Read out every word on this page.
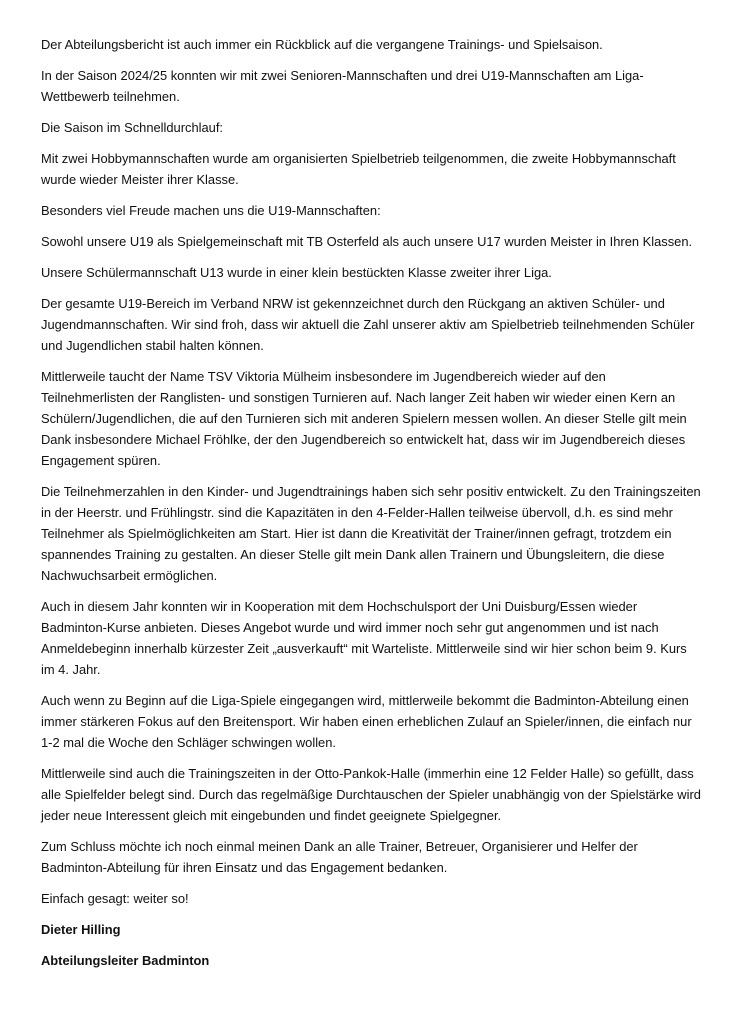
Der Abteilungsbericht ist auch immer ein Rückblick auf die vergangene Trainings- und Spielsaison.

In der Saison 2024/25 konnten wir mit zwei Senioren-Mannschaften und drei U19-Mannschaften am Liga-Wettbewerb teilnehmen.

Die Saison im Schnelldurchlauf:

Mit zwei Hobbymannschaften wurde am organisierten Spielbetrieb teilgenommen, die zweite Hobbymannschaft wurde wieder Meister ihrer Klasse.

Besonders viel Freude machen uns die U19-Mannschaften:

Sowohl unsere U19 als Spielgemeinschaft mit TB Osterfeld als auch unsere U17 wurden Meister in Ihren Klassen.

Unsere Schülermannschaft U13 wurde in einer klein bestückten Klasse zweiter ihrer Liga.

Der gesamte U19-Bereich im Verband NRW ist gekennzeichnet durch den Rückgang an aktiven Schüler- und Jugendmannschaften. Wir sind froh, dass wir aktuell die Zahl unserer aktiv am Spielbetrieb teilnehmenden Schüler und Jugendlichen stabil halten können.

Mittlerweile taucht der Name TSV Viktoria Mülheim insbesondere im Jugendbereich wieder auf den Teilnehmerlisten der Ranglisten- und sonstigen Turnieren auf. Nach langer Zeit haben wir wieder einen Kern an Schülern/Jugendlichen, die auf den Turnieren sich mit anderen Spielern messen wollen. An dieser Stelle gilt mein Dank insbesondere Michael Fröhlke, der den Jugendbereich so entwickelt hat, dass wir im Jugendbereich dieses Engagement spüren.

Die Teilnehmerzahlen in den Kinder- und Jugendtrainings haben sich sehr positiv entwickelt. Zu den Trainingszeiten in der Heerstr. und Frühlingstr. sind die Kapazitäten in den 4-Felder-Hallen teilweise übervoll, d.h. es sind mehr Teilnehmer als Spielmöglichkeiten am Start. Hier ist dann die Kreativität der Trainer/innen gefragt, trotzdem ein spannendes Training zu gestalten. An dieser Stelle gilt mein Dank allen Trainern und Übungsleitern, die diese Nachwuchsarbeit ermöglichen.

Auch in diesem Jahr konnten wir in Kooperation mit dem Hochschulsport der Uni Duisburg/Essen wieder Badminton-Kurse anbieten. Dieses Angebot wurde und wird immer noch sehr gut angenommen und ist nach Anmeldebeginn innerhalb kürzester Zeit „ausverkauft“ mit Warteliste. Mittlerweile sind wir hier schon beim 9. Kurs im 4. Jahr.

Auch wenn zu Beginn auf die Liga-Spiele eingegangen wird, mittlerweile bekommt die Badminton-Abteilung einen immer stärkeren Fokus auf den Breitensport. Wir haben einen erheblichen Zulauf an Spieler/innen, die einfach nur 1-2 mal die Woche den Schläger schwingen wollen.

Mittlerweile sind auch die Trainingszeiten in der Otto-Pankok-Halle (immerhin eine 12 Felder Halle) so gefüllt, dass alle Spielfelder belegt sind. Durch das regelmäßige Durchtauschen der Spieler unabhängig von der Spielstärke wird jeder neue Interessent gleich mit eingebunden und findet geeignete Spielgegner.

Zum Schluss möchte ich noch einmal meinen Dank an alle Trainer, Betreuer, Organisierer und Helfer der Badminton-Abteilung für ihren Einsatz und das Engagement bedanken.

Einfach gesagt: weiter so!

Dieter Hilling

Abteilungsleiter Badminton
